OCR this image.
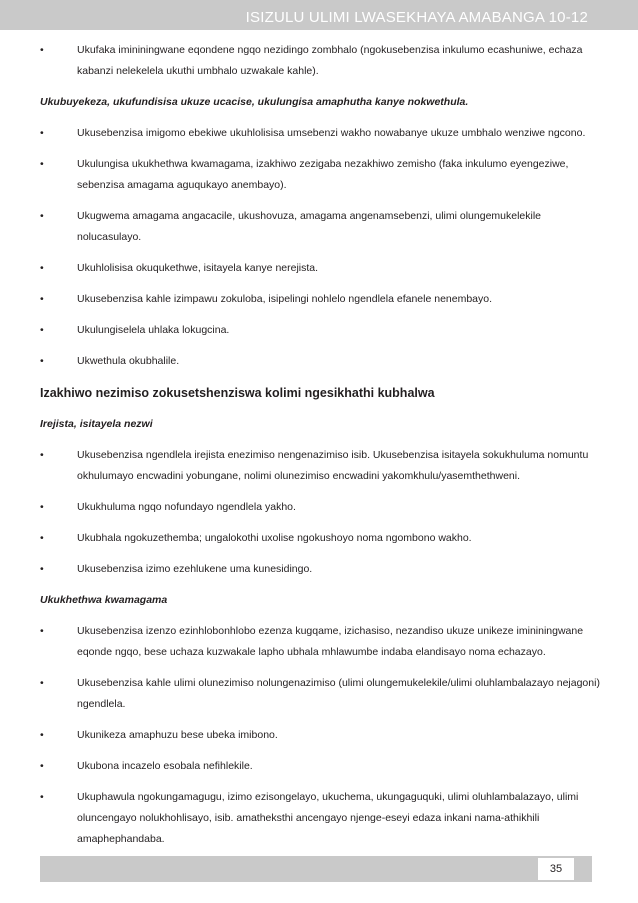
ISIZULU ULIMI LWASEKHAYA AMABANGA 10-12
•	Ukufaka imininingwane eqondene ngqo nezidingo zombhalo (ngokusebenzisa inkulumo ecashuniwe, echaza kabanzi nelekelela ukuthi umbhalo uzwakale kahle).
Ukubuyekeza, ukufundisisa ukuze ucacise, ukulungisa amaphutha kanye nokwethula.
•	Ukusebenzisa imigomo ebekiwe ukuhlolisisa umsebenzi wakho nowabanye ukuze umbhalo wenziwe ngcono.
•	Ukulungisa ukukhethwa kwamagama, izakhiwo zezigaba nezakhiwo zemisho (faka inkulumo eyengeziwe, sebenzisa amagama aguqukayo anembayo).
•	Ukugwema amagama angacacile, ukushovuza, amagama angenamsebenzi, ulimi olungemukelekile nolucasulayo.
•	Ukuhlolisisa okuqukethwe, isitayela kanye nerejista.
•	Ukusebenzisa kahle izimpawu zokuloba, isipelingi nohlelo ngendlela efanele nenembayo.
•	Ukulungiselela uhlaka lokugcina.
•	Ukwethula okubhalile.
Izakhiwo nezimiso zokusetshenziswa kolimi ngesikhathi kubhalwa
Irejista, isitayela nezwi
•	Ukusebenzisa ngendlela irejista enezimiso nengenazimiso isib. Ukusebenzisa isitayela sokukhuluma nomuntu okhulumayo encwadini yobungane, nolimi olunezimiso encwadini yakomkhulu/yasemthethweni.
•	Ukukhuluma ngqo nofundayo ngendlela yakho.
•	Ukubhala ngokuzethemba; ungalokothi uxolise ngokushoyo noma ngombono wakho.
•	Ukusebenzisa izimo ezehlukene uma kunesidingo.
Ukukhethwa kwamagama
•	Ukusebenzisa izenzo ezinhlobonhlobo ezenza kugqame, izichasiso, nezandiso ukuze unikeze imininingwane eqonde ngqo, bese uchaza kuzwakale lapho ubhala mhlawumbe indaba elandisayo noma echazayo.
•	Ukusebenzisa kahle ulimi olunezimiso nolungenazimiso (ulimi olungemukelekile/ulimi oluhlambalazayo nejagoni) ngendlela.
•	Ukunikeza amaphuzu bese ubeka imibono.
•	Ukubona incazelo esobala nefihlekile.
•	Ukuphawula ngokungamagugu, izimo ezisongelayo, ukuchema, ukungaguquki, ulimi oluhlambalazayo, ulimi oluncengayo nolukhohlisayo, isib. amatheksthi ancengayo njenge-eseyi edaza inkani nama-athikhili amaphephandaba.
35
